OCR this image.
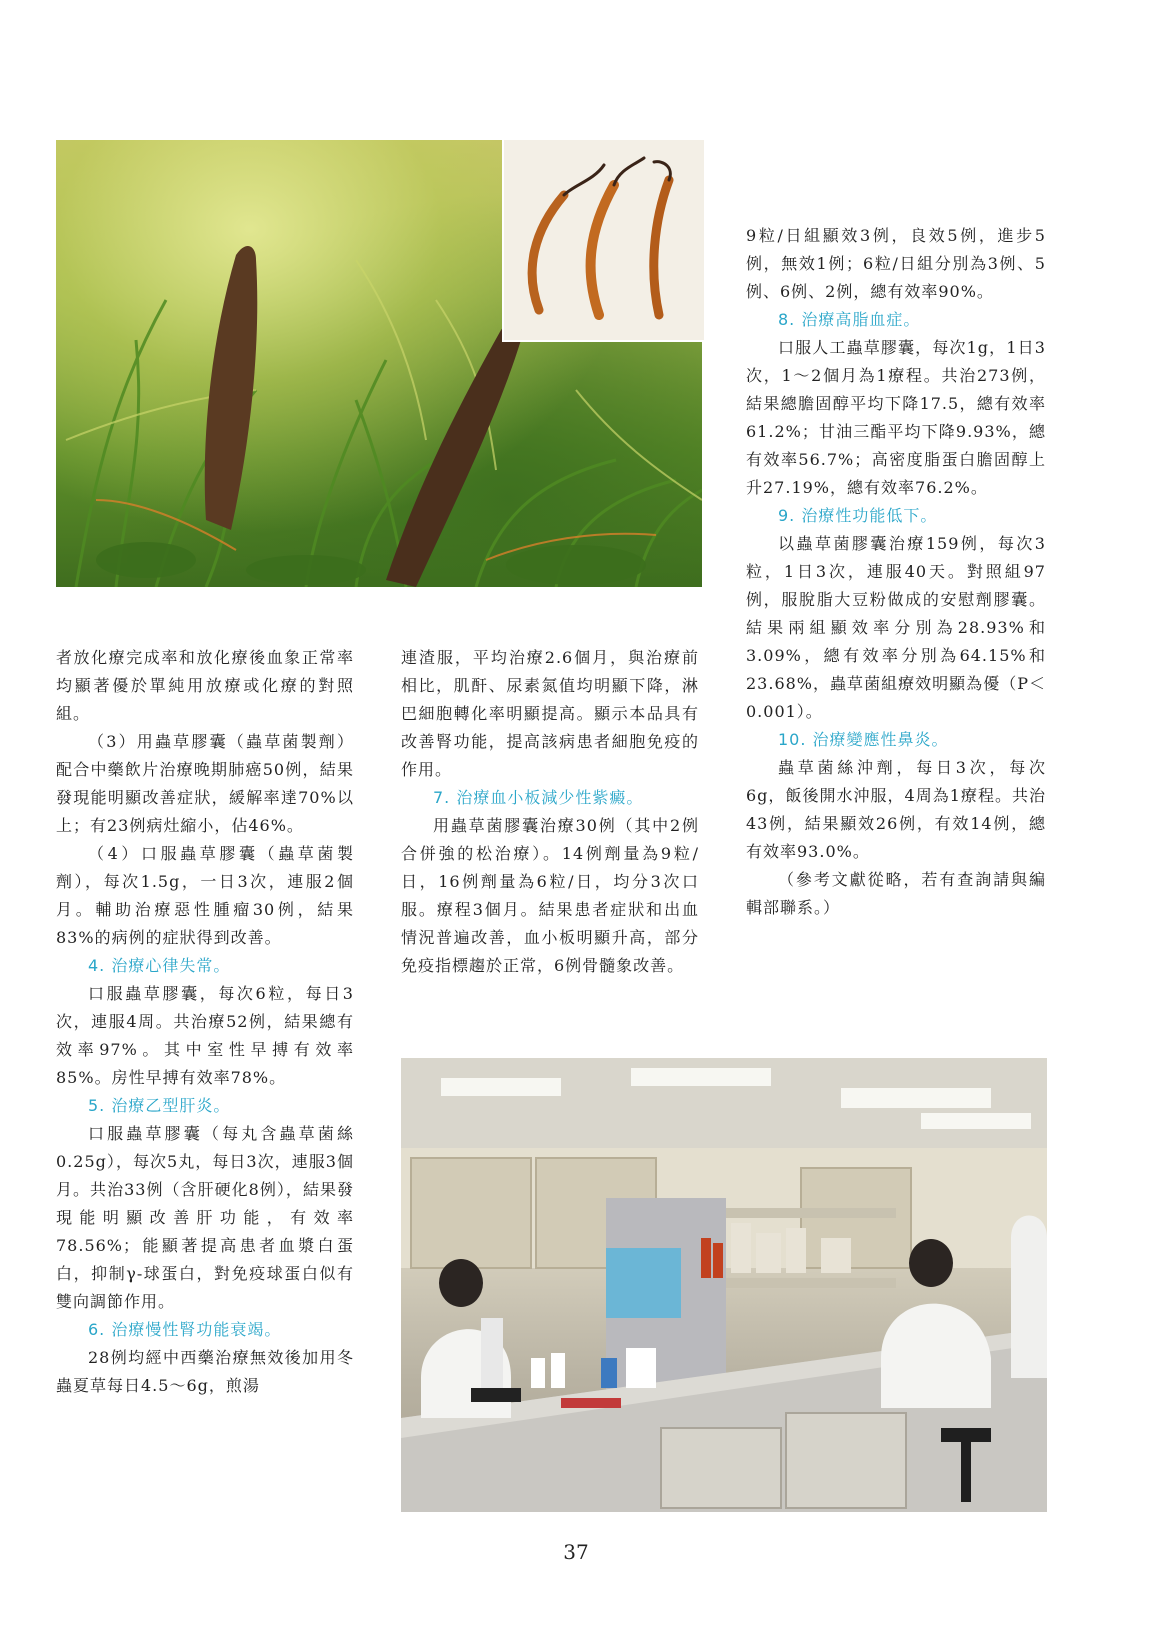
者放化療完成率和放化療後血象正常率均顯著優於單純用放療或化療的對照組。

（3）用蟲草膠囊（蟲草菌製劑）配合中藥飲片治療晚期肺癌50例，結果發現能明顯改善症狀，緩解率達70%以上；有23例病灶縮小，佔46%。

（4）口服蟲草膠囊（蟲草菌製劑），每次1.5g，一日3次，連服2個月。輔助治療惡性腫瘤30例，結果83%的病例的症狀得到改善。

4. 治療心律失常。

口服蟲草膠囊，每次6粒，每日3次，連服4周。共治療52例，結果總有效率97%。其中室性早搏有效率85%。房性早搏有效率78%。

5. 治療乙型肝炎。

口服蟲草膠囊（每丸含蟲草菌絲0.25g），每次5丸，每日3次，連服3個月。共治33例（含肝硬化8例），結果發現能明顯改善肝功能，有效率78.56%；能顯著提高患者血漿白蛋白，抑制γ-球蛋白，對免疫球蛋白似有雙向調節作用。

6. 治療慢性腎功能衰竭。

28例均經中西藥治療無效後加用冬蟲夏草每日4.5～6g，煎湯

連渣服，平均治療2.6個月，與治療前相比，肌酐、尿素氮值均明顯下降，淋巴細胞轉化率明顯提高。顯示本品具有改善腎功能，提高該病患者細胞免疫的作用。

7. 治療血小板減少性紫癜。

用蟲草菌膠囊治療30例（其中2例合併強的松治療）。14例劑量為9粒/日，16例劑量為6粒/日，均分3次口服。療程3個月。結果患者症狀和出血情況普遍改善，血小板明顯升高，部分免疫指標趨於正常，6例骨髓象改善。

9粒/日組顯效3例，良效5例，進步5例，無效1例；6粒/日組分別為3例、5例、6例、2例，總有效率90%。

8. 治療高脂血症。

口服人工蟲草膠囊，每次1g，1日3次，1～2個月為1療程。共治273例，結果總膽固醇平均下降17.5，總有效率61.2%；甘油三酯平均下降9.93%，總有效率56.7%；高密度脂蛋白膽固醇上升27.19%，總有效率76.2%。

9. 治療性功能低下。

以蟲草菌膠囊治療159例，每次3粒，1日3次，連服40天。對照組97例，服脫脂大豆粉做成的安慰劑膠囊。結果兩組顯效率分別為28.93%和3.09%，總有效率分別為64.15%和23.68%，蟲草菌組療效明顯為優（P＜0.001）。

10. 治療變應性鼻炎。

蟲草菌絲沖劑，每日3次，每次6g，飯後開水沖服，4周為1療程。共治43例，結果顯效26例，有效14例，總有效率93.0%。

（參考文獻從略，若有查詢請與編輯部聯系。）

37
